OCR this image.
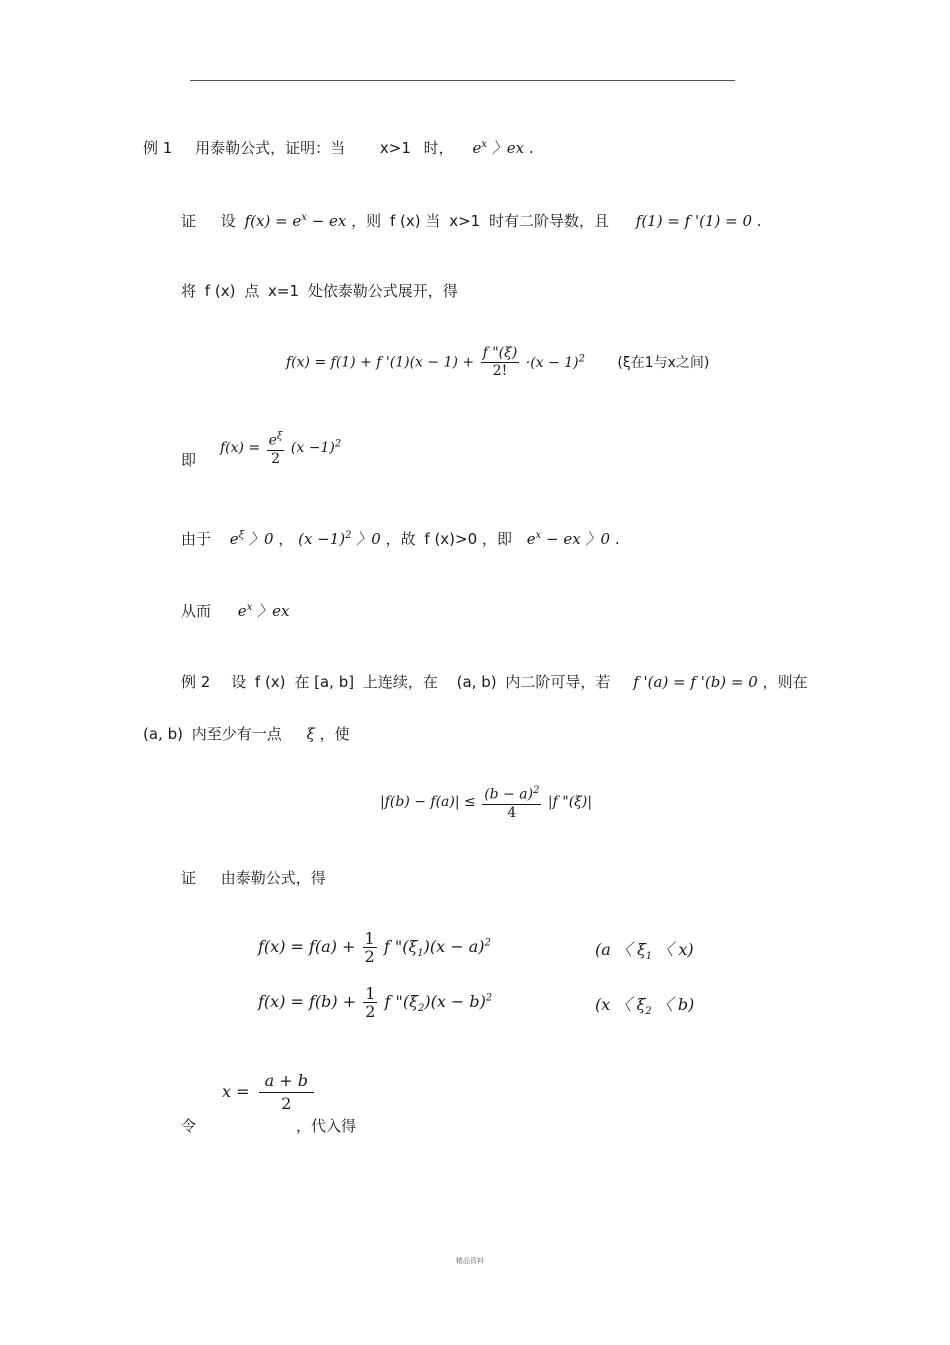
例 1 用泰勒公式，证明：当 x>1 时， $e^x$ 〉ex .
证 设 $f(x) = e^x$ − ex ，则 f (x) 当 x>1 时有二阶导数，且 f(1) = f '(1) = 0 .
将 f (x) 点 x=1 处依泰勒公式展开，得
f(x) = f(1) + f '$(1)(x - 1) + \frac{f "(\xi)}{2!} \cdot(x - 1)^2$ (ξ在1与x之间)
即
$f(x) = \frac{e^\xi}{2} (x -1)^2$
由于 $e^\xi$ 〉0 ， $(x -1)^2$ 〉0 ，故 f (x)>0 ，即 $e^x$ − ex 〉0 .
从而 $e^x$ 〉ex
例 2 设 f (x) 在 [a, b] 上连续，在 (a, b) 内二阶可导，若 f '(a) = f '(b) = 0 ，则在
(a, b) 内至少有一点 ξ ，使
$|f(b) - f(a)| \le \frac{(b - a)^2}{4} |f$ "(ξ)|
证 由泰勒公式，得
$f(x) = f(a) + \frac{1}{2}$ f "$(\xi_1)(x - a)^2$	(a 〈 $\xi_1$ 〈 x)
$f(x) = f(b) + \frac{1}{2}$ f "$(\xi_2)(x - b)^2$	(x 〈 $\xi_2$ 〈 b)
令
$x = \frac{a + b}{2}$
，代入得
精品资料
